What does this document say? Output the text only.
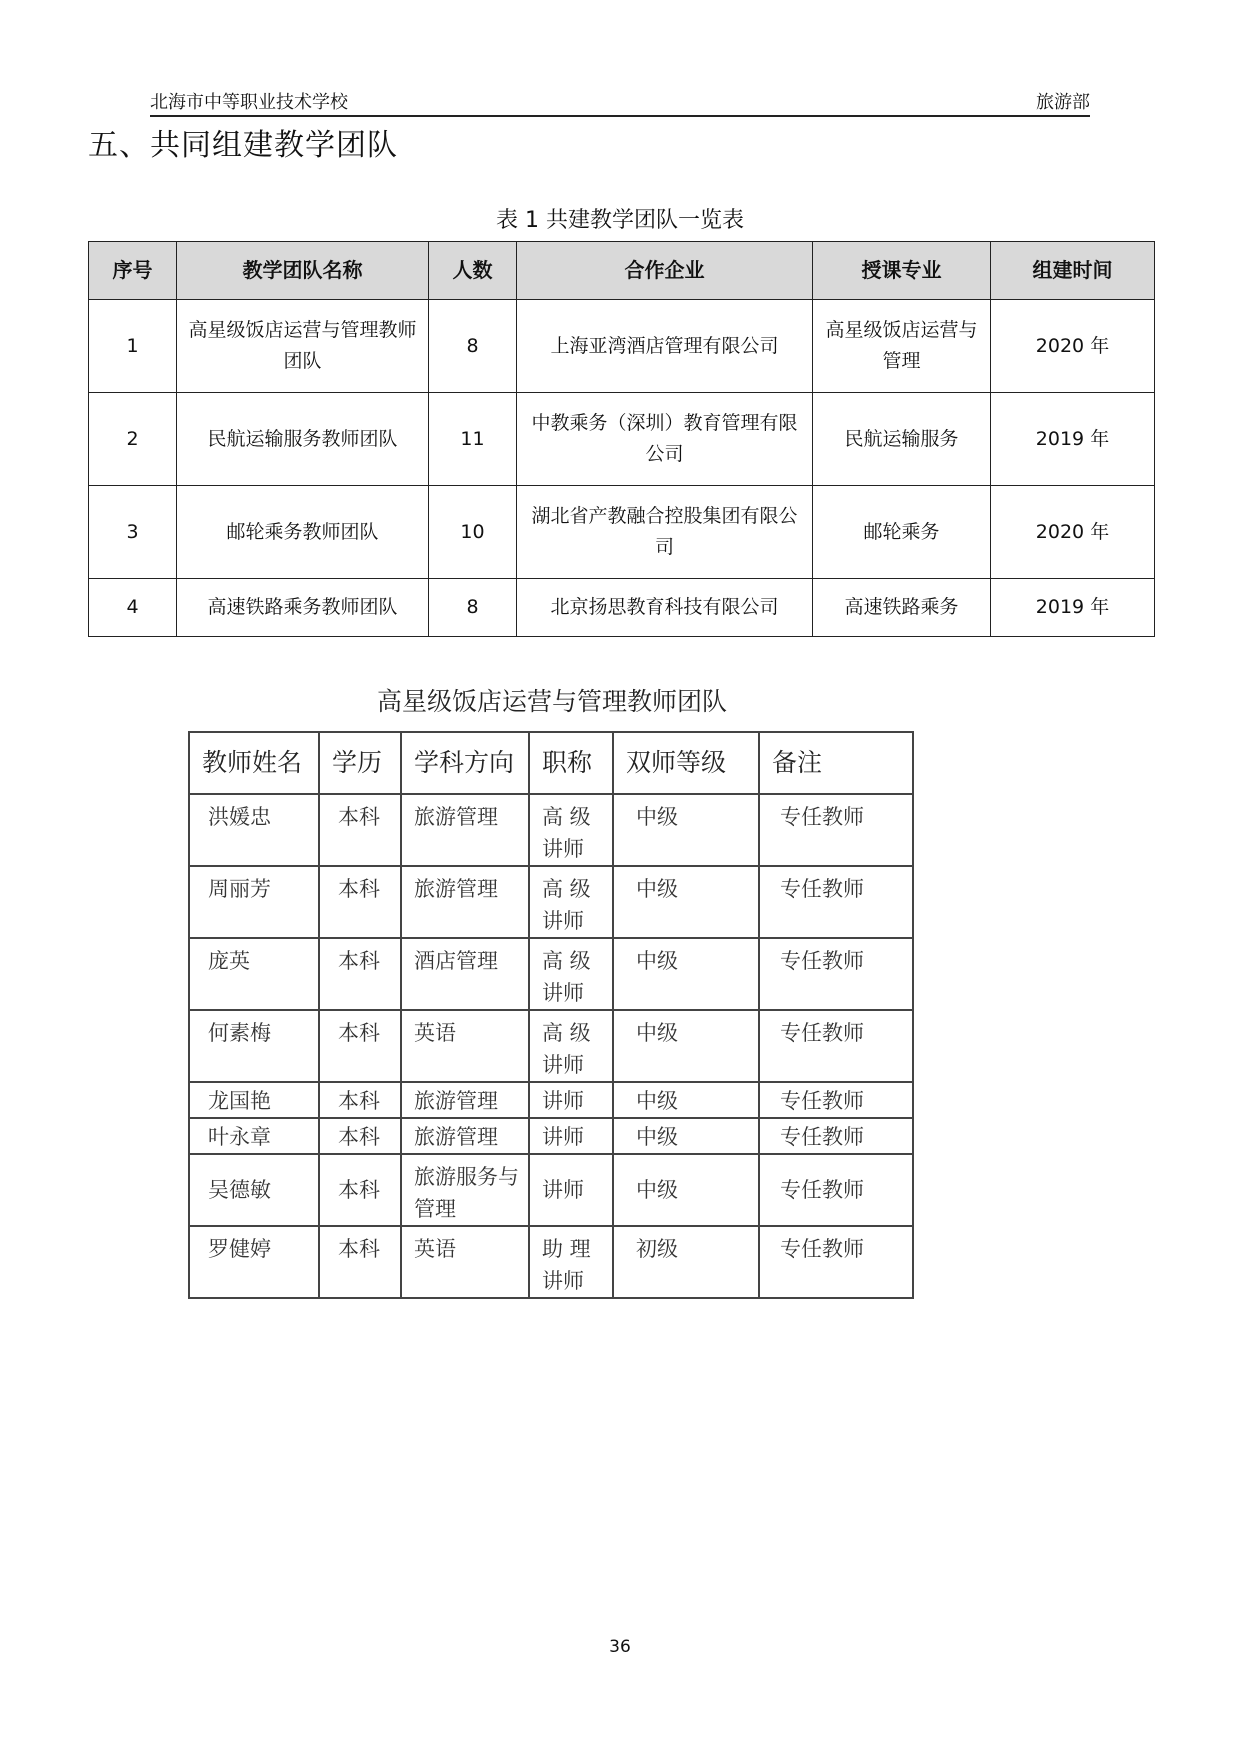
北海市中等职业技术学校	旅游部
五、共同组建教学团队
表 1 共建教学团队一览表
序号	教学团队名称	人数	合作企业	授课专业	组建时间
1	高星级饭店运营与管理教师团队	8	上海亚湾酒店管理有限公司	高星级饭店运营与管理	2020 年
2	民航运输服务教师团队	11	中教乘务（深圳）教育管理有限公司	民航运输服务	2019 年
3	邮轮乘务教师团队	10	湖北省产教融合控股集团有限公司	邮轮乘务	2020 年
4	高速铁路乘务教师团队	8	北京扬思教育科技有限公司	高速铁路乘务	2019 年
高星级饭店运营与管理教师团队
教师姓名	学历	学科方向	职称	双师等级	备注
洪媛忠	本科	旅游管理	高 级 讲师	中级	专任教师
周丽芳	本科	旅游管理	高 级 讲师	中级	专任教师
庞英	本科	酒店管理	高 级 讲师	中级	专任教师
何素梅	本科	英语	高 级 讲师	中级	专任教师
龙国艳	本科	旅游管理	讲师	中级	专任教师
叶永章	本科	旅游管理	讲师	中级	专任教师
吴德敏	本科	旅游服务与 管理	讲师	中级	专任教师
罗健婷	本科	英语	助 理 讲师	初级	专任教师
36
